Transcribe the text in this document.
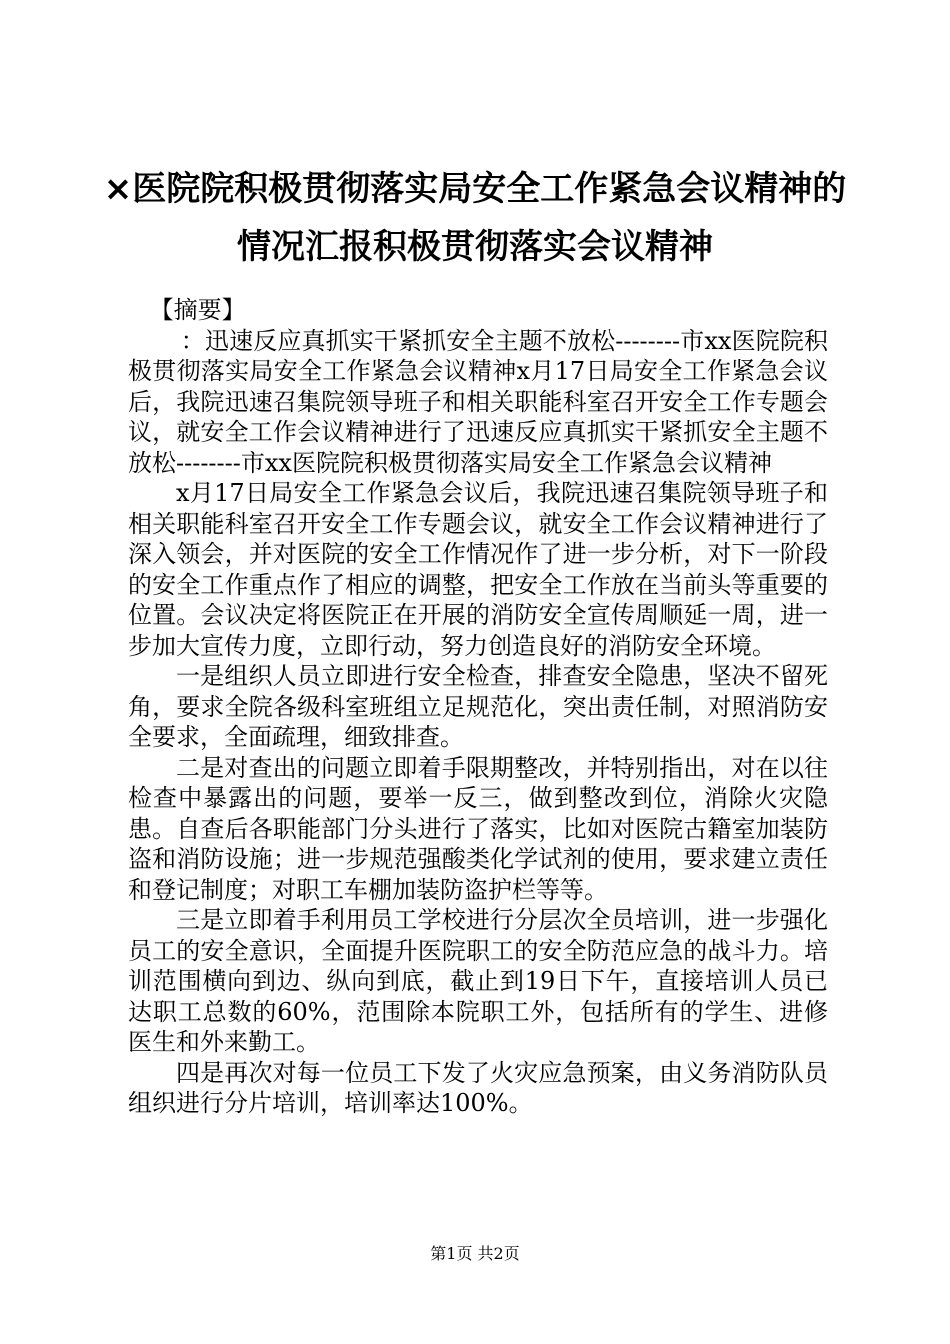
×医院院积极贯彻落实局安全工作紧急会议精神的情况汇报积极贯彻落实会议精神

【摘要】

：迅速反应真抓实干紧抓安全主题不放松--------市xx医院院积极贯彻落实局安全工作紧急会议精神x月17日局安全工作紧急会议后，我院迅速召集院领导班子和相关职能科室召开安全工作专题会议，就安全工作会议精神进行了迅速反应真抓实干紧抓安全主题不放松--------市xx医院院积极贯彻落实局安全工作紧急会议精神

x月17日局安全工作紧急会议后，我院迅速召集院领导班子和相关职能科室召开安全工作专题会议，就安全工作会议精神进行了深入领会，并对医院的安全工作情况作了进一步分析，对下一阶段的安全工作重点作了相应的调整，把安全工作放在当前头等重要的位置。会议决定将医院正在开展的消防安全宣传周顺延一周，进一步加大宣传力度，立即行动，努力创造良好的消防安全环境。

一是组织人员立即进行安全检查，排查安全隐患，坚决不留死角，要求全院各级科室班组立足规范化，突出责任制，对照消防安全要求，全面疏理，细致排查。

二是对查出的问题立即着手限期整改，并特别指出，对在以往检查中暴露出的问题，要举一反三，做到整改到位，消除火灾隐患。自查后各职能部门分头进行了落实，比如对医院古籍室加装防盗和消防设施；进一步规范强酸类化学试剂的使用，要求建立责任和登记制度；对职工车棚加装防盗护栏等等。

三是立即着手利用员工学校进行分层次全员培训，进一步强化员工的安全意识，全面提升医院职工的安全防范应急的战斗力。培训范围横向到边、纵向到底，截止到19日下午，直接培训人员已达职工总数的60%，范围除本院职工外，包括所有的学生、进修医生和外来勤工。

四是再次对每一位员工下发了火灾应急预案，由义务消防队员组织进行分片培训，培训率达100%。

第1页 共2页
